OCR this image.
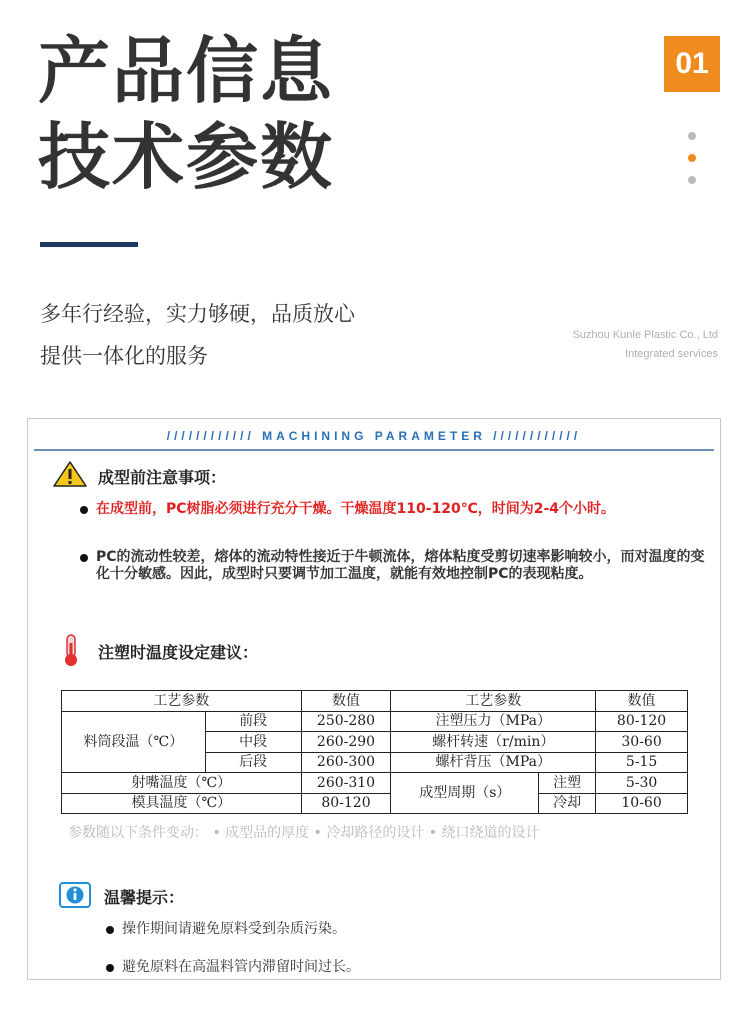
产品信息
技术参数
01
多年行经验，实力够硬，品质放心
提供一体化的服务
Suzhou Kunle Plastic Co., Ltd
Integrated services
//////////// MACHINING PARAMETER ////////////
成型前注意事项：
在成型前，PC树脂必须进行充分干燥。干燥温度110-120℃，时间为2-4个小时。
PC的流动性较差，熔体的流动特性接近于牛顿流体，熔体粘度受剪切速率影响较小，而对温度的变化十分敏感。因此，成型时只要调节加工温度，就能有效地控制PC的表现粘度。
注塑时温度设定建议：
工艺参数		数值	工艺参数		数值
料筒段温（℃）	前段	250-280	注塑压力（MPa）		80-120
	中段	260-290	螺杆转速（r/min）		30-60
	后段	260-300	螺杆背压（MPa）		5-15
射嘴温度（℃）		260-310	成型周期（s）	注塑	5-30
模具温度（℃）		80-120		冷却	10-60
参数随以下条件变动： • 成型品的厚度 • 冷却路径的设计 • 绕口绕道的设计
温馨提示：
操作期间请避免原料受到杂质污染。
避免原料在高温料管内滞留时间过长。
